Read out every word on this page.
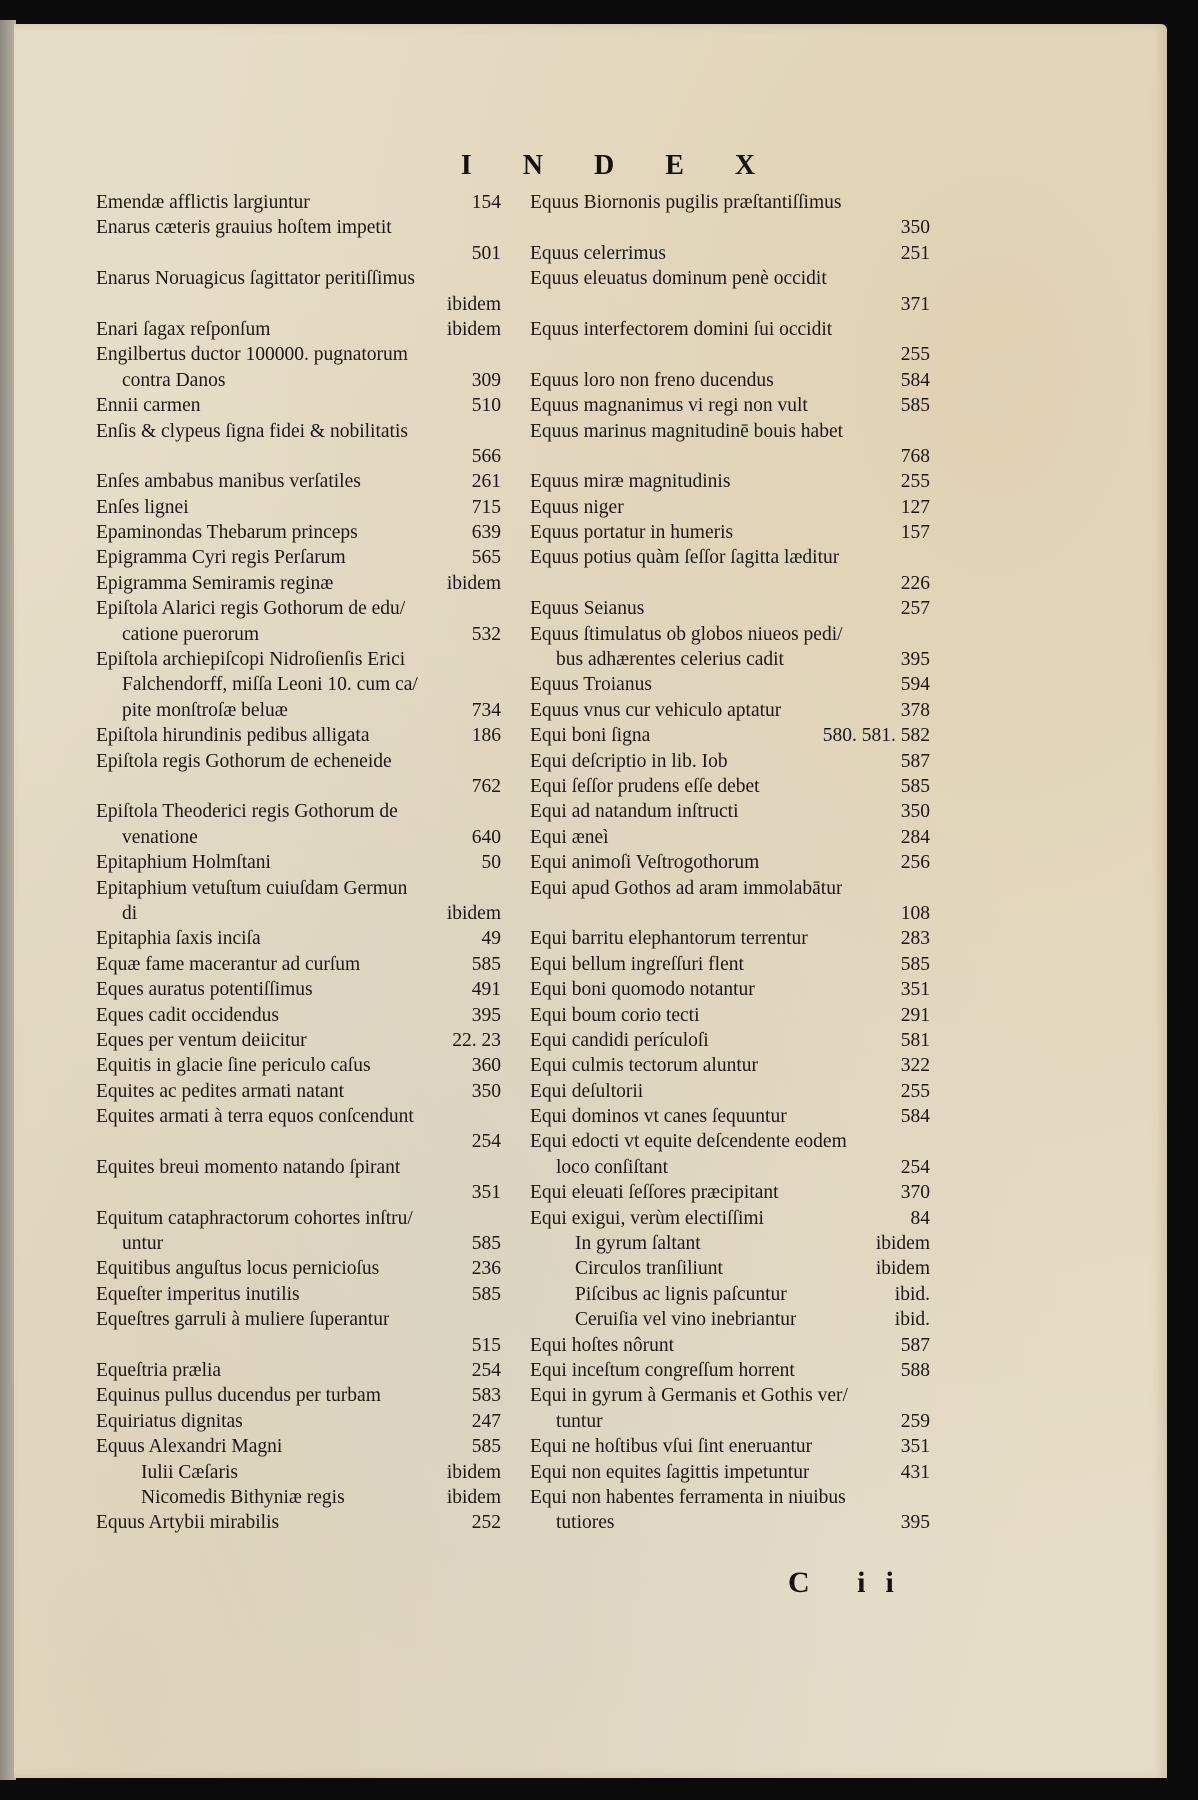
I N D E X
Emendæ afflictis largiuntur	154
Enarus cæteris grauius hoſtem impetit
501
Enarus Noruagicus ſagittator peritiſſimus
ibidem
Enari ſagax reſponſum	ibidem
Engilbertus ductor 100000. pugnatorum
contra Danos	309
Ennii carmen	510
Enſis & clypeus ſigna fidei & nobilitatis
566
Enſes ambabus manibus verſatiles	261
Enſes lignei	715
Epaminondas Thebarum princeps	639
Epigramma Cyri regis Perſarum	565
Epigramma Semiramis reginæ	ibidem
Epiſtola Alarici regis Gothorum de edu/
catione puerorum	532
Epiſtola archiepiſcopi Nidroſienſis Erici
Falchendorff, miſſa Leoni 10. cum ca/
pite monſtroſæ beluæ	734
Epiſtola hirundinis pedibus alligata	186
Epiſtola regis Gothorum de echeneide
762
Epiſtola Theoderici regis Gothorum de
venatione	640
Epitaphium Holmſtani	50
Epitaphium vetuſtum cuiuſdam Germun
di	ibidem
Epitaphia ſaxis inciſa	49
Equæ fame macerantur ad curſum	585
Eques auratus potentiſſimus	491
Eques cadit occidendus	395
Eques per ventum deiicitur	22. 23
Equitis in glacie ſine periculo caſus	360
Equites ac pedites armati natant	350
Equites armati à terra equos conſcendunt
254
Equites breui momento natando ſpirant
351
Equitum cataphractorum cohortes inſtru/
untur	585
Equitibus anguſtus locus pernicioſus	236
Equeſter imperitus inutilis	585
Equeſtres garruli à muliere ſuperantur
515
Equeſtria prælia	254
Equinus pullus ducendus per turbam	583
Equiriatus dignitas	247
Equus Alexandri Magni	585
Iulii Cæſaris	ibidem
Nicomedis Bithyniæ regis	ibidem
Equus Artybii mirabilis	252
Equus Biornonis pugilis præſtantiſſimus
350
Equus celerrimus	251
Equus eleuatus dominum penè occidit
371
Equus interfectorem domini ſui occidit
255
Equus loro non freno ducendus	584
Equus magnanimus vi regi non vult	585
Equus marinus magnitudinē bouis habet
768
Equus miræ magnitudinis	255
Equus niger	127
Equus portatur in humeris	157
Equus potius quàm ſeſſor ſagitta læditur
226
Equus Seianus	257
Equus ſtimulatus ob globos niueos pedi/
bus adhærentes celerius cadit	395
Equus Troianus	594
Equus vnus cur vehiculo aptatur	378
Equi boni ſigna	580. 581. 582
Equi deſcriptio in lib. Iob	587
Equi ſeſſor prudens eſſe debet	585
Equi ad natandum inſtructi	350
Equi æneì	284
Equi animoſi Veſtrogothorum	256
Equi apud Gothos ad aram immolabātur
108
Equi barritu elephantorum terrentur	283
Equi bellum ingreſſuri flent	585
Equi boni quomodo notantur	351
Equi boum corio tecti	291
Equi candidi perículoſi	581
Equi culmis tectorum aluntur	322
Equi deſultorii	255
Equi dominos vt canes ſequuntur	584
Equi edocti vt equite deſcendente eodem
loco conſiſtant	254
Equi eleuati ſeſſores præcipitant	370
Equi exigui, verùm electiſſimi	84
In gyrum ſaltant	ibidem
Circulos tranſiliunt	ibidem
Piſcibus ac lignis paſcuntur	ibid.
Ceruiſia vel vino inebriantur	ibid.
Equi hoſtes nôrunt	587
Equi inceſtum congreſſum horrent	588
Equi in gyrum à Germanis et Gothis ver/
tuntur	259
Equi ne hoſtibus vſui ſint eneruantur	351
Equi non equites ſagittis impetuntur	431
Equi non habentes ferramenta in niuibus
tutiores	395
C ii
